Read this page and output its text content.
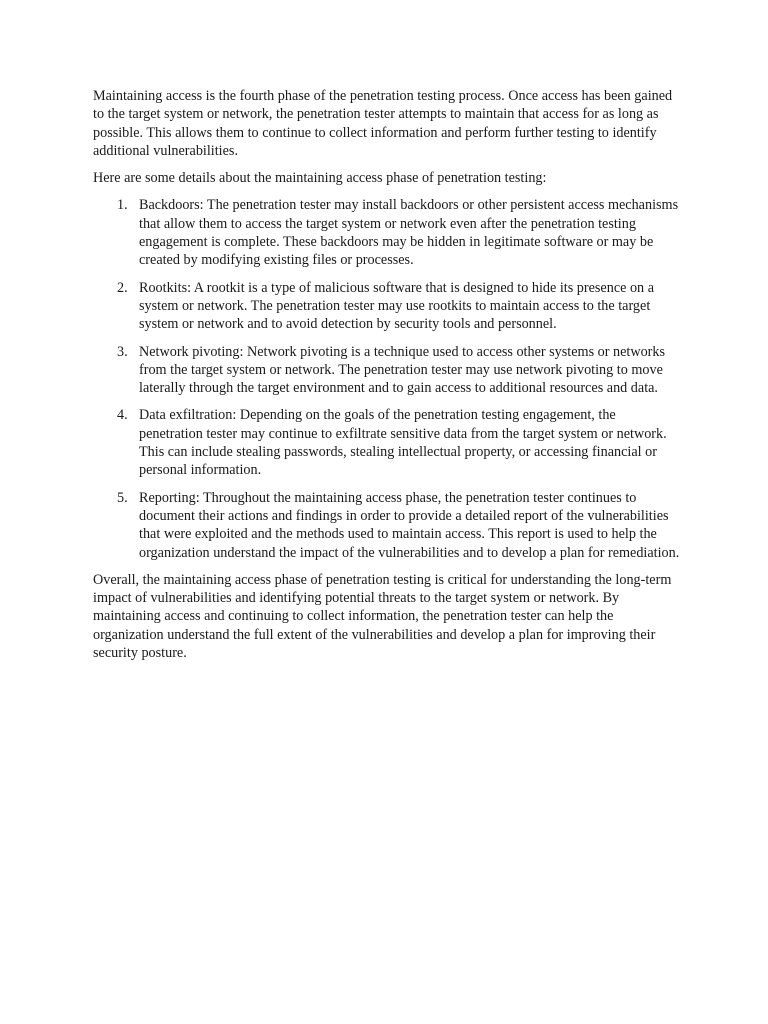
Maintaining access is the fourth phase of the penetration testing process. Once access has been gained to the target system or network, the penetration tester attempts to maintain that access for as long as possible. This allows them to continue to collect information and perform further testing to identify additional vulnerabilities.

Here are some details about the maintaining access phase of penetration testing:

1. Backdoors: The penetration tester may install backdoors or other persistent access mechanisms that allow them to access the target system or network even after the penetration testing engagement is complete. These backdoors may be hidden in legitimate software or may be created by modifying existing files or processes.
2. Rootkits: A rootkit is a type of malicious software that is designed to hide its presence on a system or network. The penetration tester may use rootkits to maintain access to the target system or network and to avoid detection by security tools and personnel.
3. Network pivoting: Network pivoting is a technique used to access other systems or networks from the target system or network. The penetration tester may use network pivoting to move laterally through the target environment and to gain access to additional resources and data.
4. Data exfiltration: Depending on the goals of the penetration testing engagement, the penetration tester may continue to exfiltrate sensitive data from the target system or network. This can include stealing passwords, stealing intellectual property, or accessing financial or personal information.
5. Reporting: Throughout the maintaining access phase, the penetration tester continues to document their actions and findings in order to provide a detailed report of the vulnerabilities that were exploited and the methods used to maintain access. This report is used to help the organization understand the impact of the vulnerabilities and to develop a plan for remediation.

Overall, the maintaining access phase of penetration testing is critical for understanding the long-term impact of vulnerabilities and identifying potential threats to the target system or network. By maintaining access and continuing to collect information, the penetration tester can help the organization understand the full extent of the vulnerabilities and develop a plan for improving their security posture.
